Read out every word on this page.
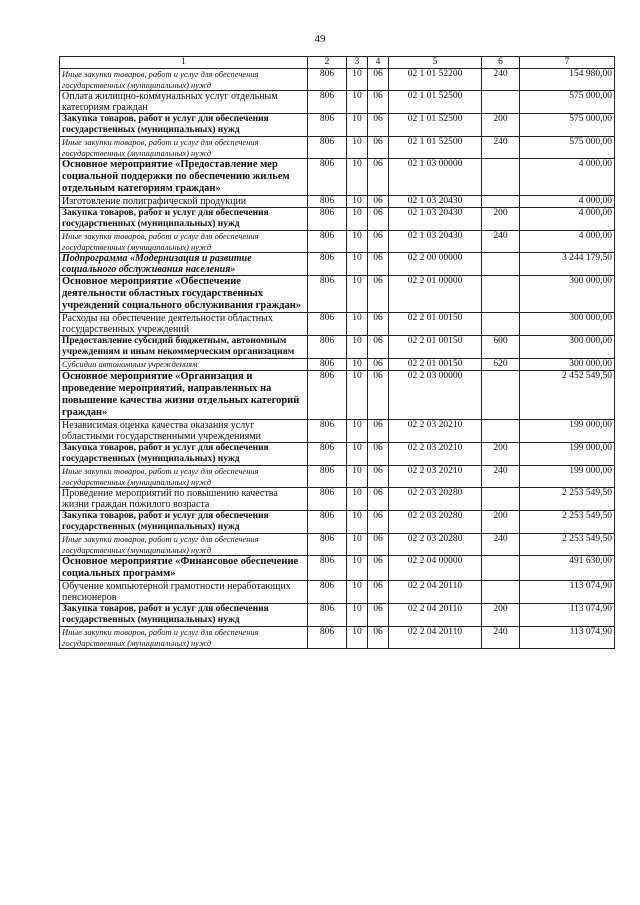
49
1	2	3	4	5	6	7
Иные закупки товаров, работ и услуг для обеспечения государственных (муниципальных) нужд	806	10	06	02 1 01 52200	240	154 980,00
Оплата жилищно-коммунальных услуг отдельным категориям граждан	806	10	06	02 1 01 52500		575 000,00
Закупка товаров, работ и услуг для обеспечения государственных (муниципальных) нужд	806	10	06	02 1 01 52500	200	575 000,00
Иные закупки товаров, работ и услуг для обеспечения государственных (муниципальных) нужд	806	10	06	02 1 01 52500	240	575 000,00
Основное мероприятие «Предоставление мер социальной поддержки по обеспечению жильем отдельным категориям граждан»	806	10	06	02 1 03 00000		4 000,00
Изготовление полиграфической продукции	806	10	06	02 1 03 20430		4 000,00
Закупка товаров, работ и услуг для обеспечения государственных (муниципальных) нужд	806	10	06	02 1 03 20430	200	4 000,00
Иные закупки товаров, работ и услуг для обеспечения государственных (муниципальных) нужд	806	10	06	02 1 03 20430	240	4 000,00
Подпрограмма «Модернизация и развитие социального обслуживания населения»	806	10	06	02 2 00 00000		3 244 179,50
Основное мероприятие «Обеспечение деятельности областных государственных учреждений социального обслуживания граждан»	806	10	06	02 2 01 00000		300 000,00
Расходы на обеспечение деятельности областных государственных учреждений	806	10	06	02 2 01 00150		300 000,00
Предоставление субсидий бюджетным, автономным учреждениям и иным некоммерческим организациям	806	10	06	02 2 01 00150	600	300 000,00
Субсидии автономным учреждениям	806	10	06	02 2 01 00150	620	300 000,00
Основное мероприятие «Организация и проведение мероприятий, направленных на повышение качества жизни отдельных категорий граждан»	806	10	06	02 2 03 00000		2 452 549,50
Независимая оценка качества оказания услуг областными государственными учреждениями	806	10	06	02 2 03 20210		199 000,00
Закупка товаров, работ и услуг для обеспечения государственных (муниципальных) нужд	806	10	06	02 2 03 20210	200	199 000,00
Иные закупки товаров, работ и услуг для обеспечения государственных (муниципальных) нужд	806	10	06	02 2 03 20210	240	199 000,00
Проведение мероприятий по повышению качества жизни граждан пожилого возраста	806	10	06	02 2 03 20280		2 253 549,50
Закупка товаров, работ и услуг для обеспечения государственных (муниципальных) нужд	806	10	06	02 2 03 20280	200	2 253 549,50
Иные закупки товаров, работ и услуг для обеспечения государственных (муниципальных) нужд	806	10	06	02 2 03 20280	240	2 253 549,50
Основное мероприятие «Финансовое обеспечение социальных программ»	806	10	06	02 2 04 00000		491 630,00
Обучение компьютерной грамотности неработающих пенсионеров	806	10	06	02 2 04 20110		113 074,90
Закупка товаров, работ и услуг для обеспечения государственных (муниципальных) нужд	806	10	06	02 2 04 20110	200	113 074,90
Иные закупки товаров, работ и услуг для обеспечения государственных (муниципальных) нужд	806	10	06	02 2 04 20110	240	113 074,90
